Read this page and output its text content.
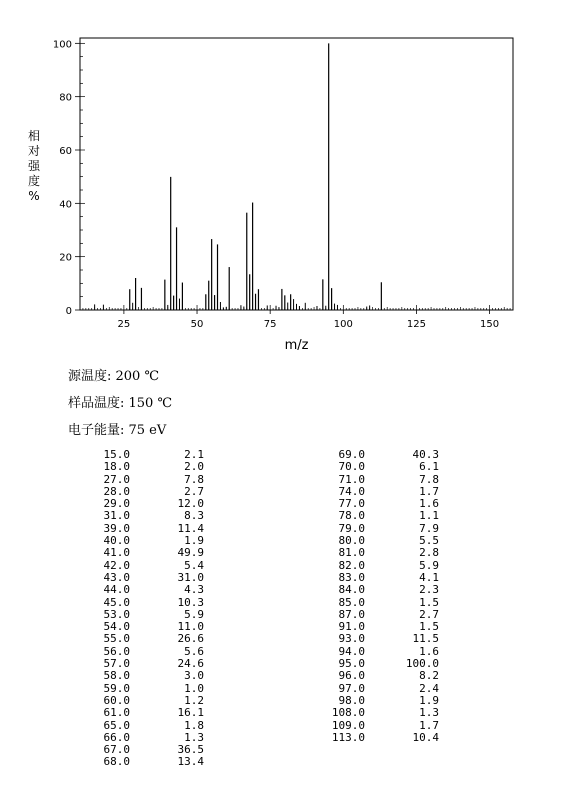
m/z
相对强度%
25	50	75	100	125	150
0
20
40
60
80
100
源温度: 200 ℃
样品温度: 150 ℃
电子能量: 75 eV
15.0	2.1
18.0	2.0
27.0	7.8
28.0	2.7
29.0	12.0
31.0	8.3
39.0	11.4
40.0	1.9
41.0	49.9
42.0	5.4
43.0	31.0
44.0	4.3
45.0	10.3
53.0	5.9
54.0	11.0
55.0	26.6
56.0	5.6
57.0	24.6
58.0	3.0
59.0	1.0
60.0	1.2
61.0	16.1
65.0	1.8
66.0	1.3
67.0	36.5
68.0	13.4
69.0	40.3
70.0	6.1
71.0	7.8
74.0	1.7
77.0	1.6
78.0	1.1
79.0	7.9
80.0	5.5
81.0	2.8
82.0	5.9
83.0	4.1
84.0	2.3
85.0	1.5
87.0	2.7
91.0	1.5
93.0	11.5
94.0	1.6
95.0	100.0
96.0	8.2
97.0	2.4
98.0	1.9
108.0	1.3
109.0	1.7
113.0	10.4
